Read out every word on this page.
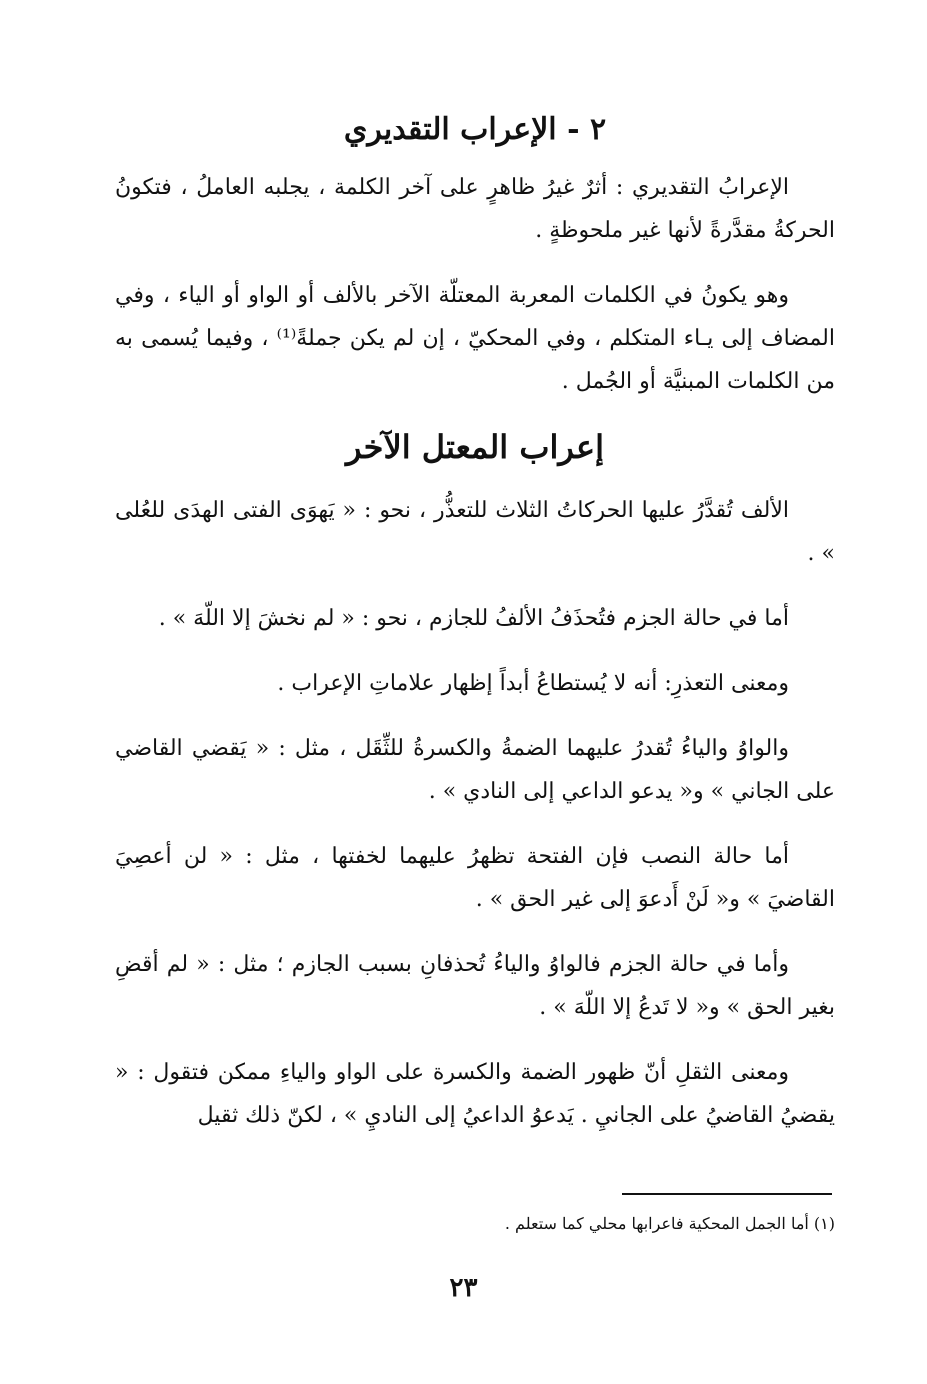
٢ - الإعراب التقديري

الإعرابُ التقديري : أثرٌ غيرُ ظاهرٍ على آخر الكلمة ، يجلبه العاملُ ، فتكونُ الحركةُ مقدَّرةً لأنها غير ملحوظةٍ .

وهو يكونُ في الكلمات المعربة المعتلّة الآخر بالألف أو الواو أو الياء ، وفي المضاف إلى يـاء المتكلم ، وفي المحكيّ ، إن لم يكن جملةً⁽¹⁾ ، وفيما يُسمى به من الكلمات المبنيَّة أو الجُمل .

إعراب المعتل الآخر

الألف تُقدَّرُ عليها الحركاتُ الثلاث للتعذُّر ، نحو : « يَهوَى الفتى الهدَى للعُلى » .

أما في حالة الجزم فتُحذَفُ الألفُ للجازم ، نحو : « لم نخشَ إلا اللّهَ » .

ومعنى التعذرِ: أنه لا يُستطاعُ أبداً إظهار علاماتِ الإعراب .

والواوُ والياءُ تُقدرُ عليهما الضمةُ والكسرةُ للثِّقَل ، مثل : « يَقضي القاضي على الجاني » و« يدعو الداعي إلى النادي » .

أما حالة النصب فإن الفتحة تظهرُ عليهما لخفتها ، مثل : « لن أعصِيَ القاضيَ » و« لَنْ أَدعوَ إلى غير الحق » .

وأما في حالة الجزم فالواوُ والياءُ تُحذفانِ بسبب الجازم ؛ مثل : « لم أقضِ بغير الحق » و« لا تَدعُ إلا اللّهَ » .

ومعنى الثقلِ أنّ ظهور الضمة والكسرة على الواو والياءِ ممكن فتقول : « يقضيُ القاضيُ على الجانيِ . يَدعوُ الداعيُ إلى الناديِ » ، لكنّ ذلك ثقيل

(١) أما الجمل المحكية فاعرابها محلي كما ستعلم .

٢٣
